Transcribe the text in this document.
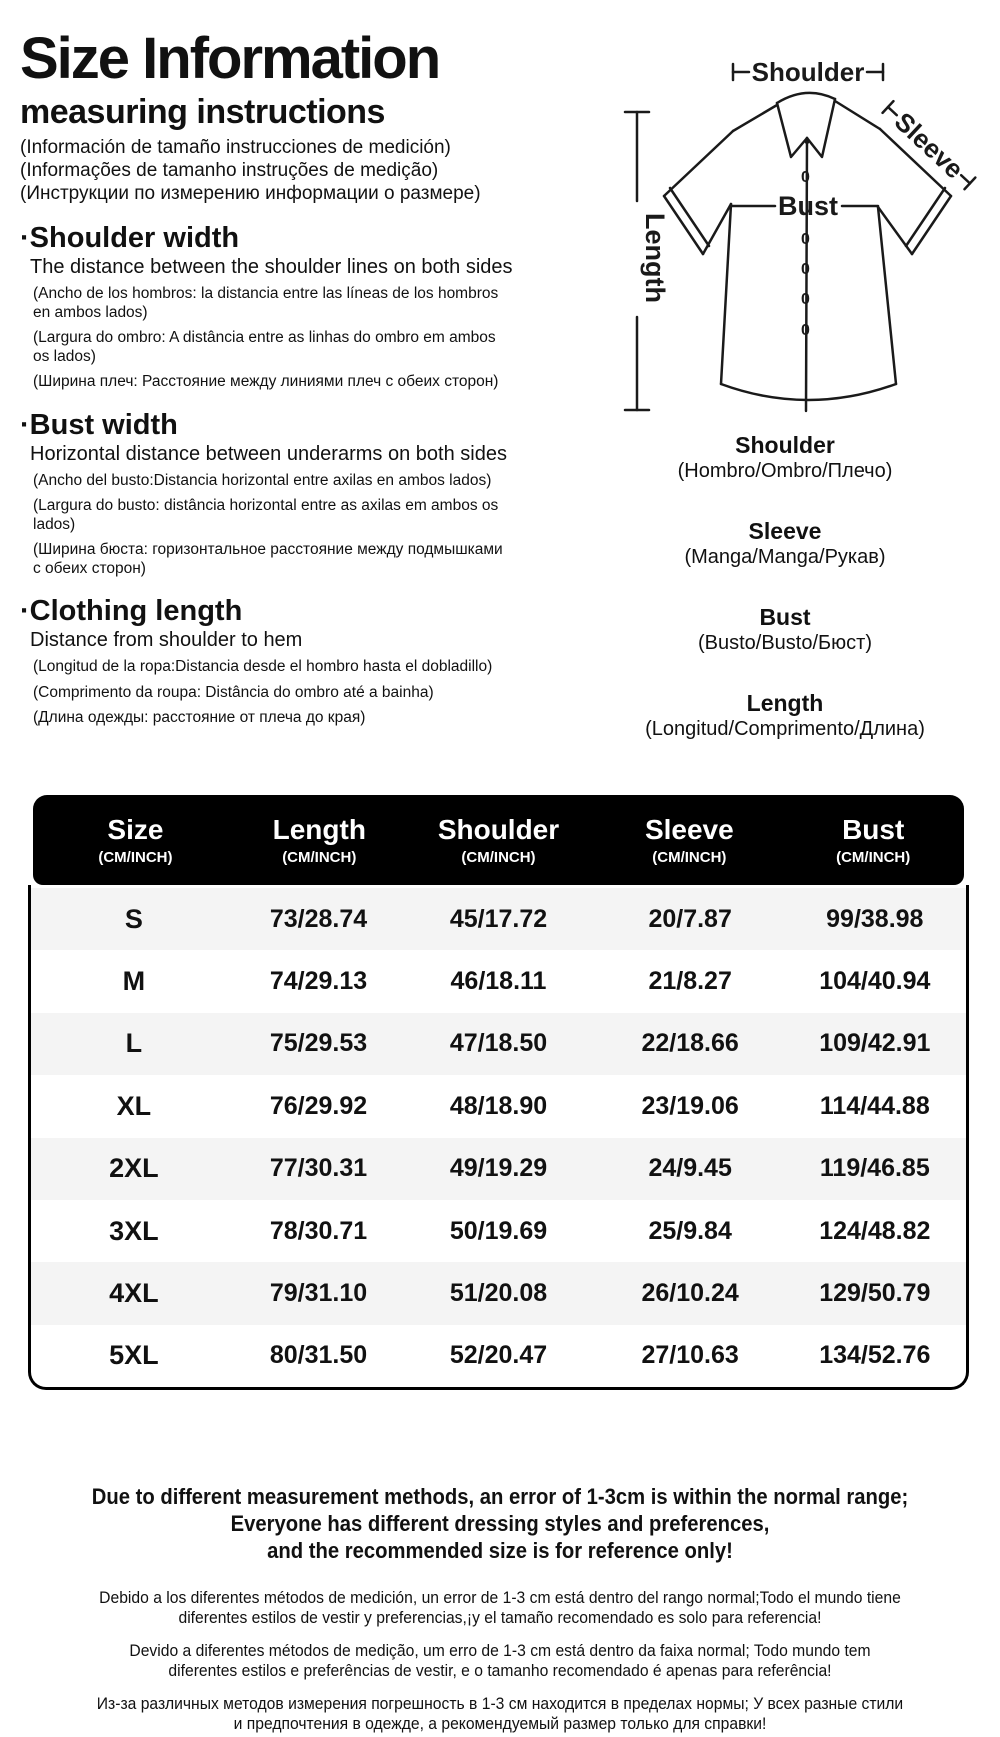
Size Information
measuring instructions
(Información de tamaño instrucciones de medición)
(Informações de tamanho instruções de medição)
(Инструкции по измерению информации о размере)
·Shoulder width
The distance between the shoulder lines on both sides
(Ancho de los hombros: la distancia entre las líneas de los hombros en ambos lados)
(Largura do ombro: A distância entre as linhas do ombro em ambos os lados)
(Ширина плеч: Расстояние между линиями плеч с обеих сторон)
·Bust width
Horizontal distance between underarms on both sides
(Ancho del busto:Distancia horizontal entre axilas en ambos lados)
(Largura do busto: distância horizontal entre as axilas em ambos os lados)
(Ширина бюста: горизонтальное расстояние между подмышками с обеих сторон)
·Clothing length
Distance from shoulder to hem
(Longitud de la ropa:Distancia desde el hombro hasta el dobladillo)
(Comprimento da roupa: Distância do ombro até a bainha)
(Длина одежды: расстояние от плеча до края)
Shoulder
0
0
0
0
0
Bust
Sleeve
Length
Shoulder
(Hombro/Ombro/Плечо)
Sleeve
(Manga/Manga/Рукав)
Bust
(Busto/Busto/Бюст)
Length
(Longitud/Comprimento/Длина)
Size
(CM/INCH)
Length
(CM/INCH)
Shoulder
(CM/INCH)
Sleeve
(CM/INCH)
Bust
(CM/INCH)
S	73/28.74	45/17.72	20/7.87	99/38.98
M	74/29.13	46/18.11	21/8.27	104/40.94
L	75/29.53	47/18.50	22/18.66	109/42.91
XL	76/29.92	48/18.90	23/19.06	114/44.88
2XL	77/30.31	49/19.29	24/9.45	119/46.85
3XL	78/30.71	50/19.69	25/9.84	124/48.82
4XL	79/31.10	51/20.08	26/10.24	129/50.79
5XL	80/31.50	52/20.47	27/10.63	134/52.76
Due to different measurement methods, an error of 1-3cm is within the normal range;
Everyone has different dressing styles and preferences,
and the recommended size is for reference only!
Debido a los diferentes métodos de medición, un error de 1-3 cm está dentro del rango normal;Todo el mundo tiene
diferentes estilos de vestir y preferencias,¡y el tamaño recomendado es solo para referencia!
Devido a diferentes métodos de medição, um erro de 1-3 cm está dentro da faixa normal; Todo mundo tem
diferentes estilos e preferências de vestir, e o tamanho recomendado é apenas para referência!
Из-за различных методов измерения погрешность в 1-3 см находится в пределах нормы; У всех разные стили
и предпочтения в одежде, а рекомендуемый размер только для справки!
